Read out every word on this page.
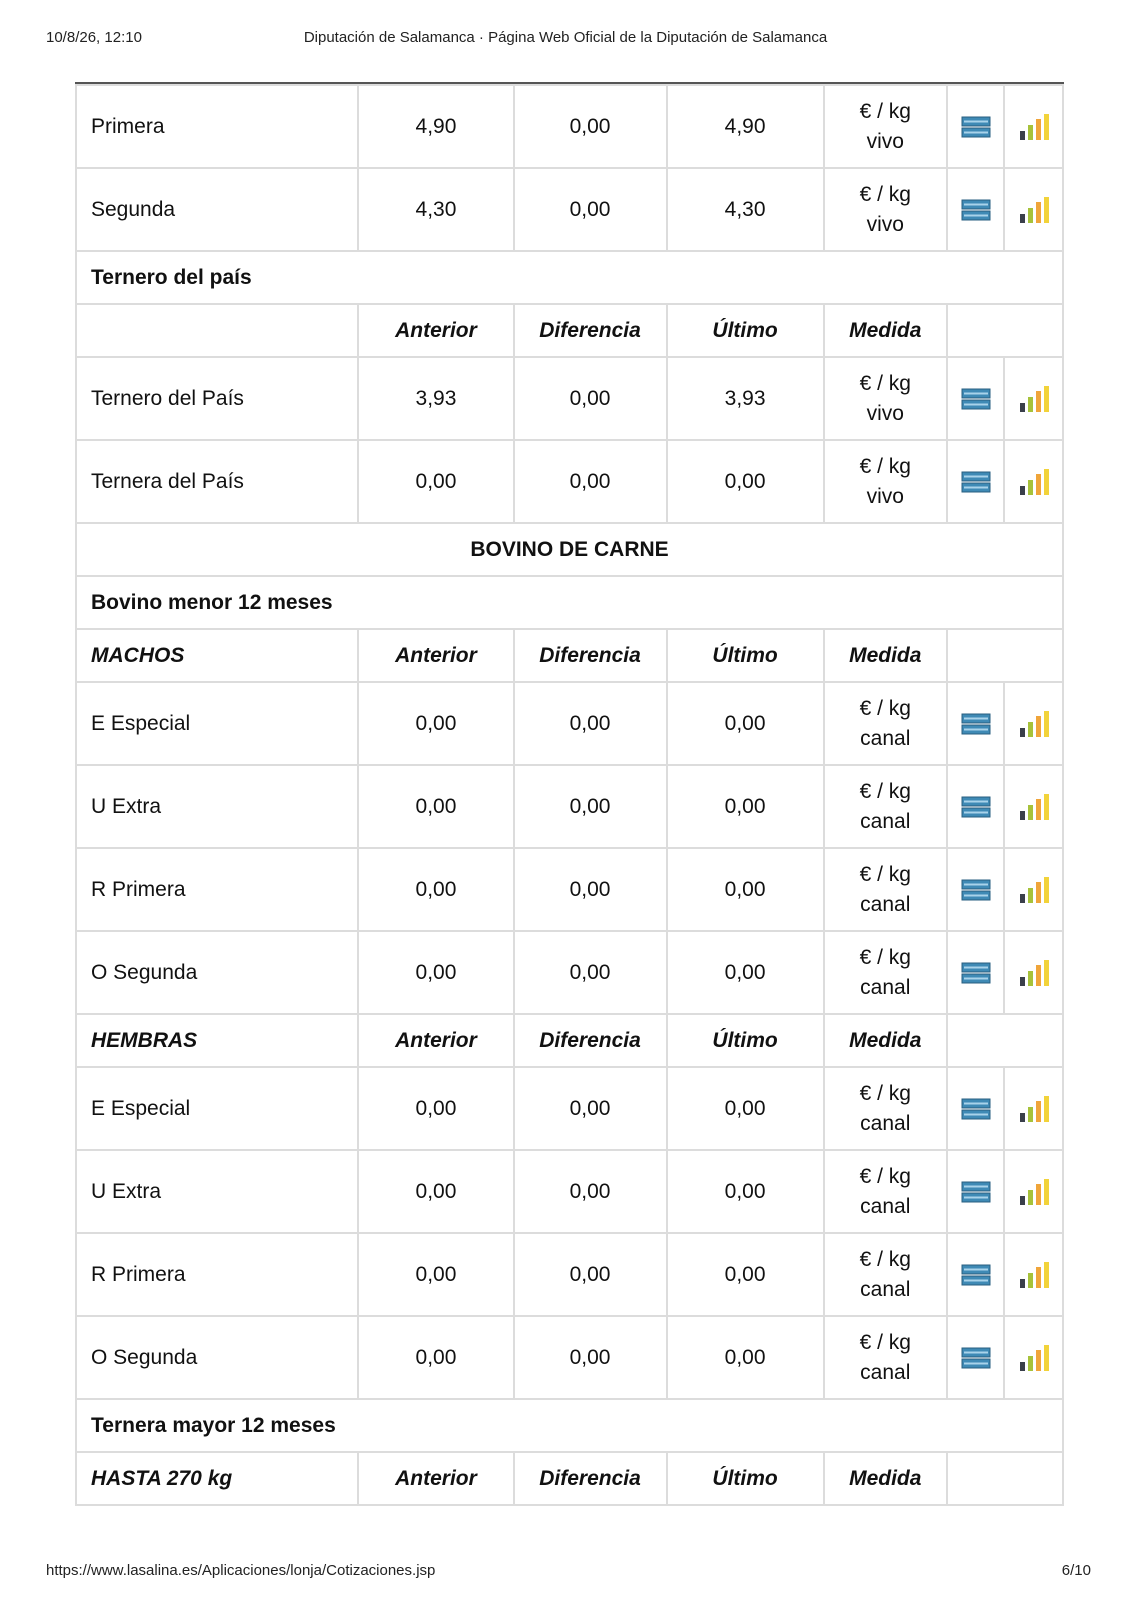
10/8/26, 12:10	Diputación de Salamanca · Página Web Oficial de la Diputación de Salamanca
Primera	4,90	0,00	4,90	€ / kg
vivo

Segunda	4,30	0,00	4,30	€ / kg
vivo

Ternero del país						
	Anterior	Diferencia	Último	Medida		
Ternero del País	3,93	0,00	3,93	€ / kg
vivo

Ternera del País	0,00	0,00	0,00	€ / kg
vivo

BOVINO DE CARNE						
Bovino menor 12 meses						
MACHOS	Anterior	Diferencia	Último	Medida		
E Especial	0,00	0,00	0,00	€ / kg
canal

U Extra	0,00	0,00	0,00	€ / kg
canal

R Primera	0,00	0,00	0,00	€ / kg
canal

O Segunda	0,00	0,00	0,00	€ / kg
canal

HEMBRAS	Anterior	Diferencia	Último	Medida		
E Especial	0,00	0,00	0,00	€ / kg
canal

U Extra	0,00	0,00	0,00	€ / kg
canal

R Primera	0,00	0,00	0,00	€ / kg
canal

O Segunda	0,00	0,00	0,00	€ / kg
canal

Ternera mayor 12 meses						
HASTA 270 kg	Anterior	Diferencia	Último	Medida		
https://www.lasalina.es/Aplicaciones/lonja/Cotizaciones.jsp	6/10
